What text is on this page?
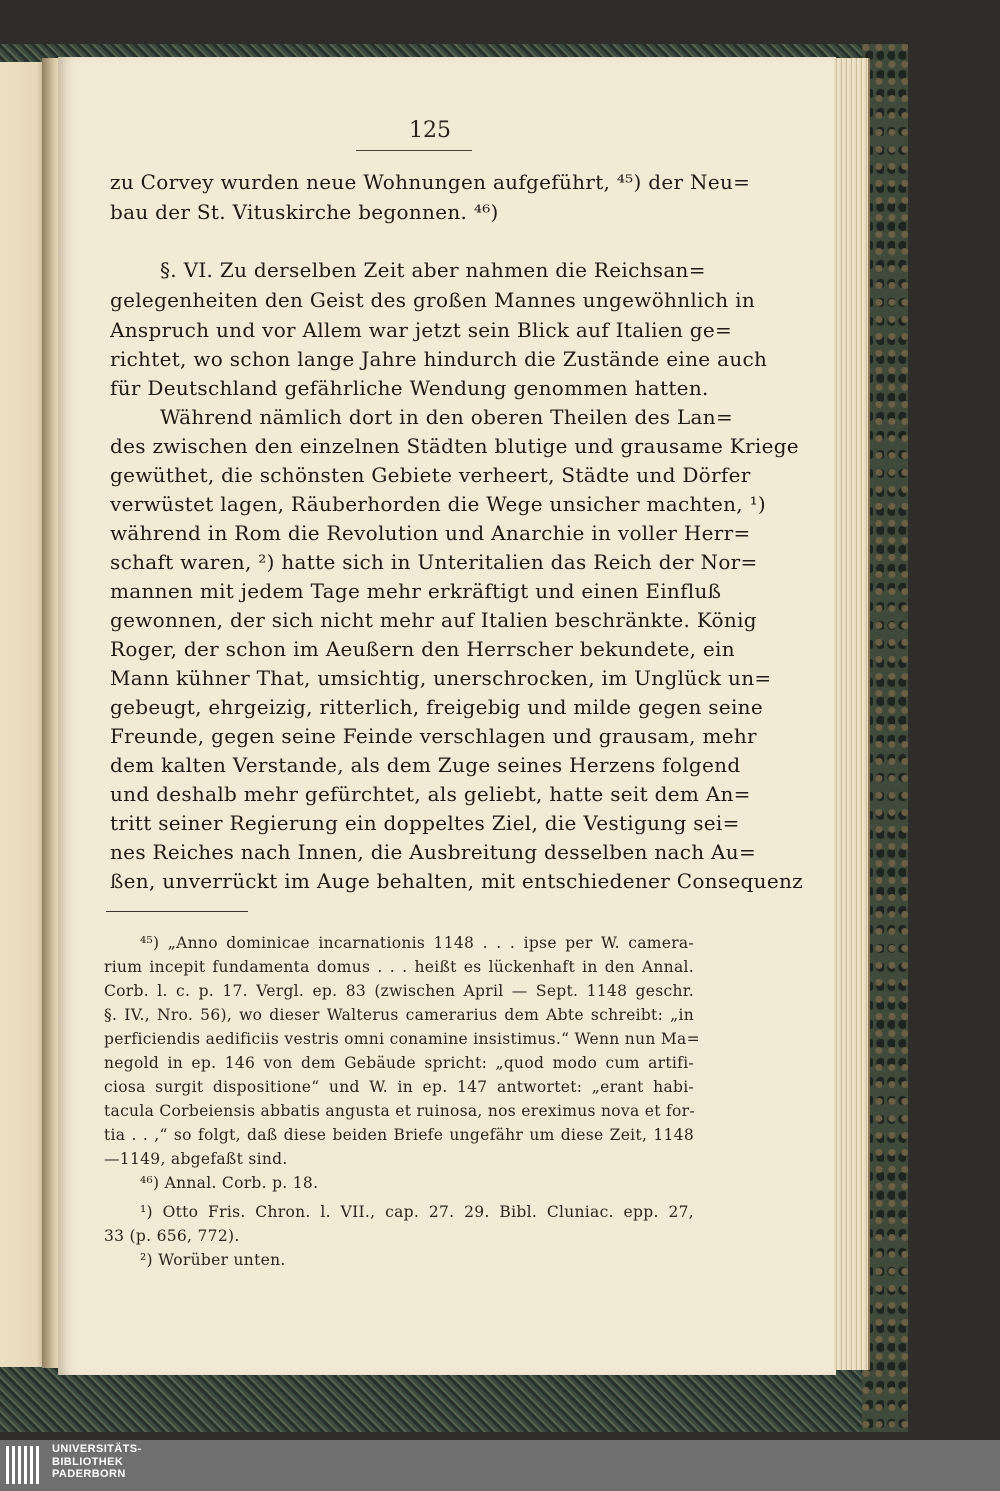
125
zu Corvey wurden neue Wohnungen aufgeführt, ⁴⁵) der Neu=
bau der St. Vituskirche begonnen. ⁴⁶)
§. VI. Zu derselben Zeit aber nahmen die Reichsan=
gelegenheiten den Geist des großen Mannes ungewöhnlich in
Anspruch und vor Allem war jetzt sein Blick auf Italien ge=
richtet, wo schon lange Jahre hindurch die Zustände eine auch
für Deutschland gefährliche Wendung genommen hatten.
Während nämlich dort in den oberen Theilen des Lan=
des zwischen den einzelnen Städten blutige und grausame Kriege
gewüthet, die schönsten Gebiete verheert, Städte und Dörfer
verwüstet lagen, Räuberhorden die Wege unsicher machten, ¹)
während in Rom die Revolution und Anarchie in voller Herr=
schaft waren, ²) hatte sich in Unteritalien das Reich der Nor=
mannen mit jedem Tage mehr erkräftigt und einen Einfluß
gewonnen, der sich nicht mehr auf Italien beschränkte. König
Roger, der schon im Aeußern den Herrscher bekundete, ein
Mann kühner That, umsichtig, unerschrocken, im Unglück un=
gebeugt, ehrgeizig, ritterlich, freigebig und milde gegen seine
Freunde, gegen seine Feinde verschlagen und grausam, mehr
dem kalten Verstande, als dem Zuge seines Herzens folgend
und deshalb mehr gefürchtet, als geliebt, hatte seit dem An=
tritt seiner Regierung ein doppeltes Ziel, die Vestigung sei=
nes Reiches nach Innen, die Ausbreitung desselben nach Au=
ßen, unverrückt im Auge behalten, mit entschiedener Consequenz
⁴⁵) „Anno dominicae incarnationis 1148 . . . ipse per W. camera-
rium incepit fundamenta domus . . . heißt es lückenhaft in den Annal.
Corb. l. c. p. 17. Vergl. ep. 83 (zwischen April — Sept. 1148 geschr.
§. IV., Nro. 56), wo dieser Walterus camerarius dem Abte schreibt: „in
perficiendis aedificiis vestris omni conamine insistimus.“ Wenn nun Ma=
negold in ep. 146 von dem Gebäude spricht: „quod modo cum artifi-
ciosa surgit dispositione“ und W. in ep. 147 antwortet: „erant habi-
tacula Corbeiensis abbatis angusta et ruinosa, nos ereximus nova et for-
tia . . ,“ so folgt, daß diese beiden Briefe ungefähr um diese Zeit, 1148
—1149, abgefaßt sind.
⁴⁶) Annal. Corb. p. 18.
¹) Otto Fris. Chron. l. VII., cap. 27. 29. Bibl. Cluniac. epp. 27,
33 (p. 656, 772).
²) Worüber unten.
UNIVERSITÄTS-
BIBLIOTHEK
PADERBORN
